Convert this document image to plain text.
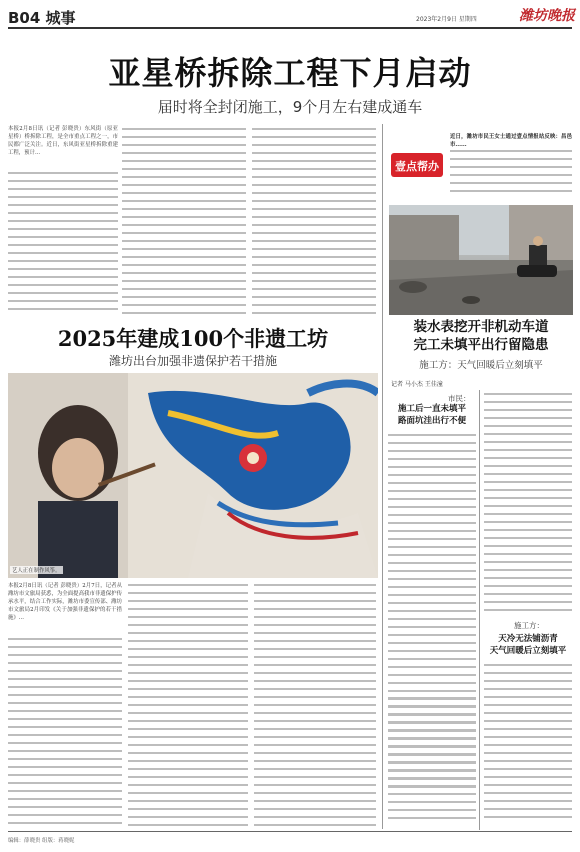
B04 城事	2023年2月9日 星期四	潍坊晚报
亚星桥拆除工程下月启动
届时将全封闭施工，9个月左右建成通车
本报2月8日讯（记者 彭晓贵）东风街（原亚星桥）桥拆除工程，是全市重点工程之一，市民都广泛关注。近日，东风街亚星桥拆除重建工程，预计...
2025年建成100个非遗工坊
潍坊出台加强非遗保护若干措施
艺人正在制作风筝。
本报2月8日讯（记者 彭晓贵）2月7日，记者从潍坊市文旅局获悉，为全面提高我市非遗保护传承水平，结合工作实际，潍坊市委宣传部、潍坊市文旅局2月印发《关于加强非遗保护的若干措施》...
壹点帮办
近日，潍坊市民王女士通过壹点情报站反映：昌邑市......
装水表挖开非机动车道
完工未填平出行留隐患
施工方：天气回暖后立刻填平
记者 马小杰 王佳潼
市民：
施工后一直未填平
路面坑洼出行不便
施工方：
天冷无法铺沥青
天气回暖后立刻填平
编辑：薛晓贵 组版：蒋晓妮
